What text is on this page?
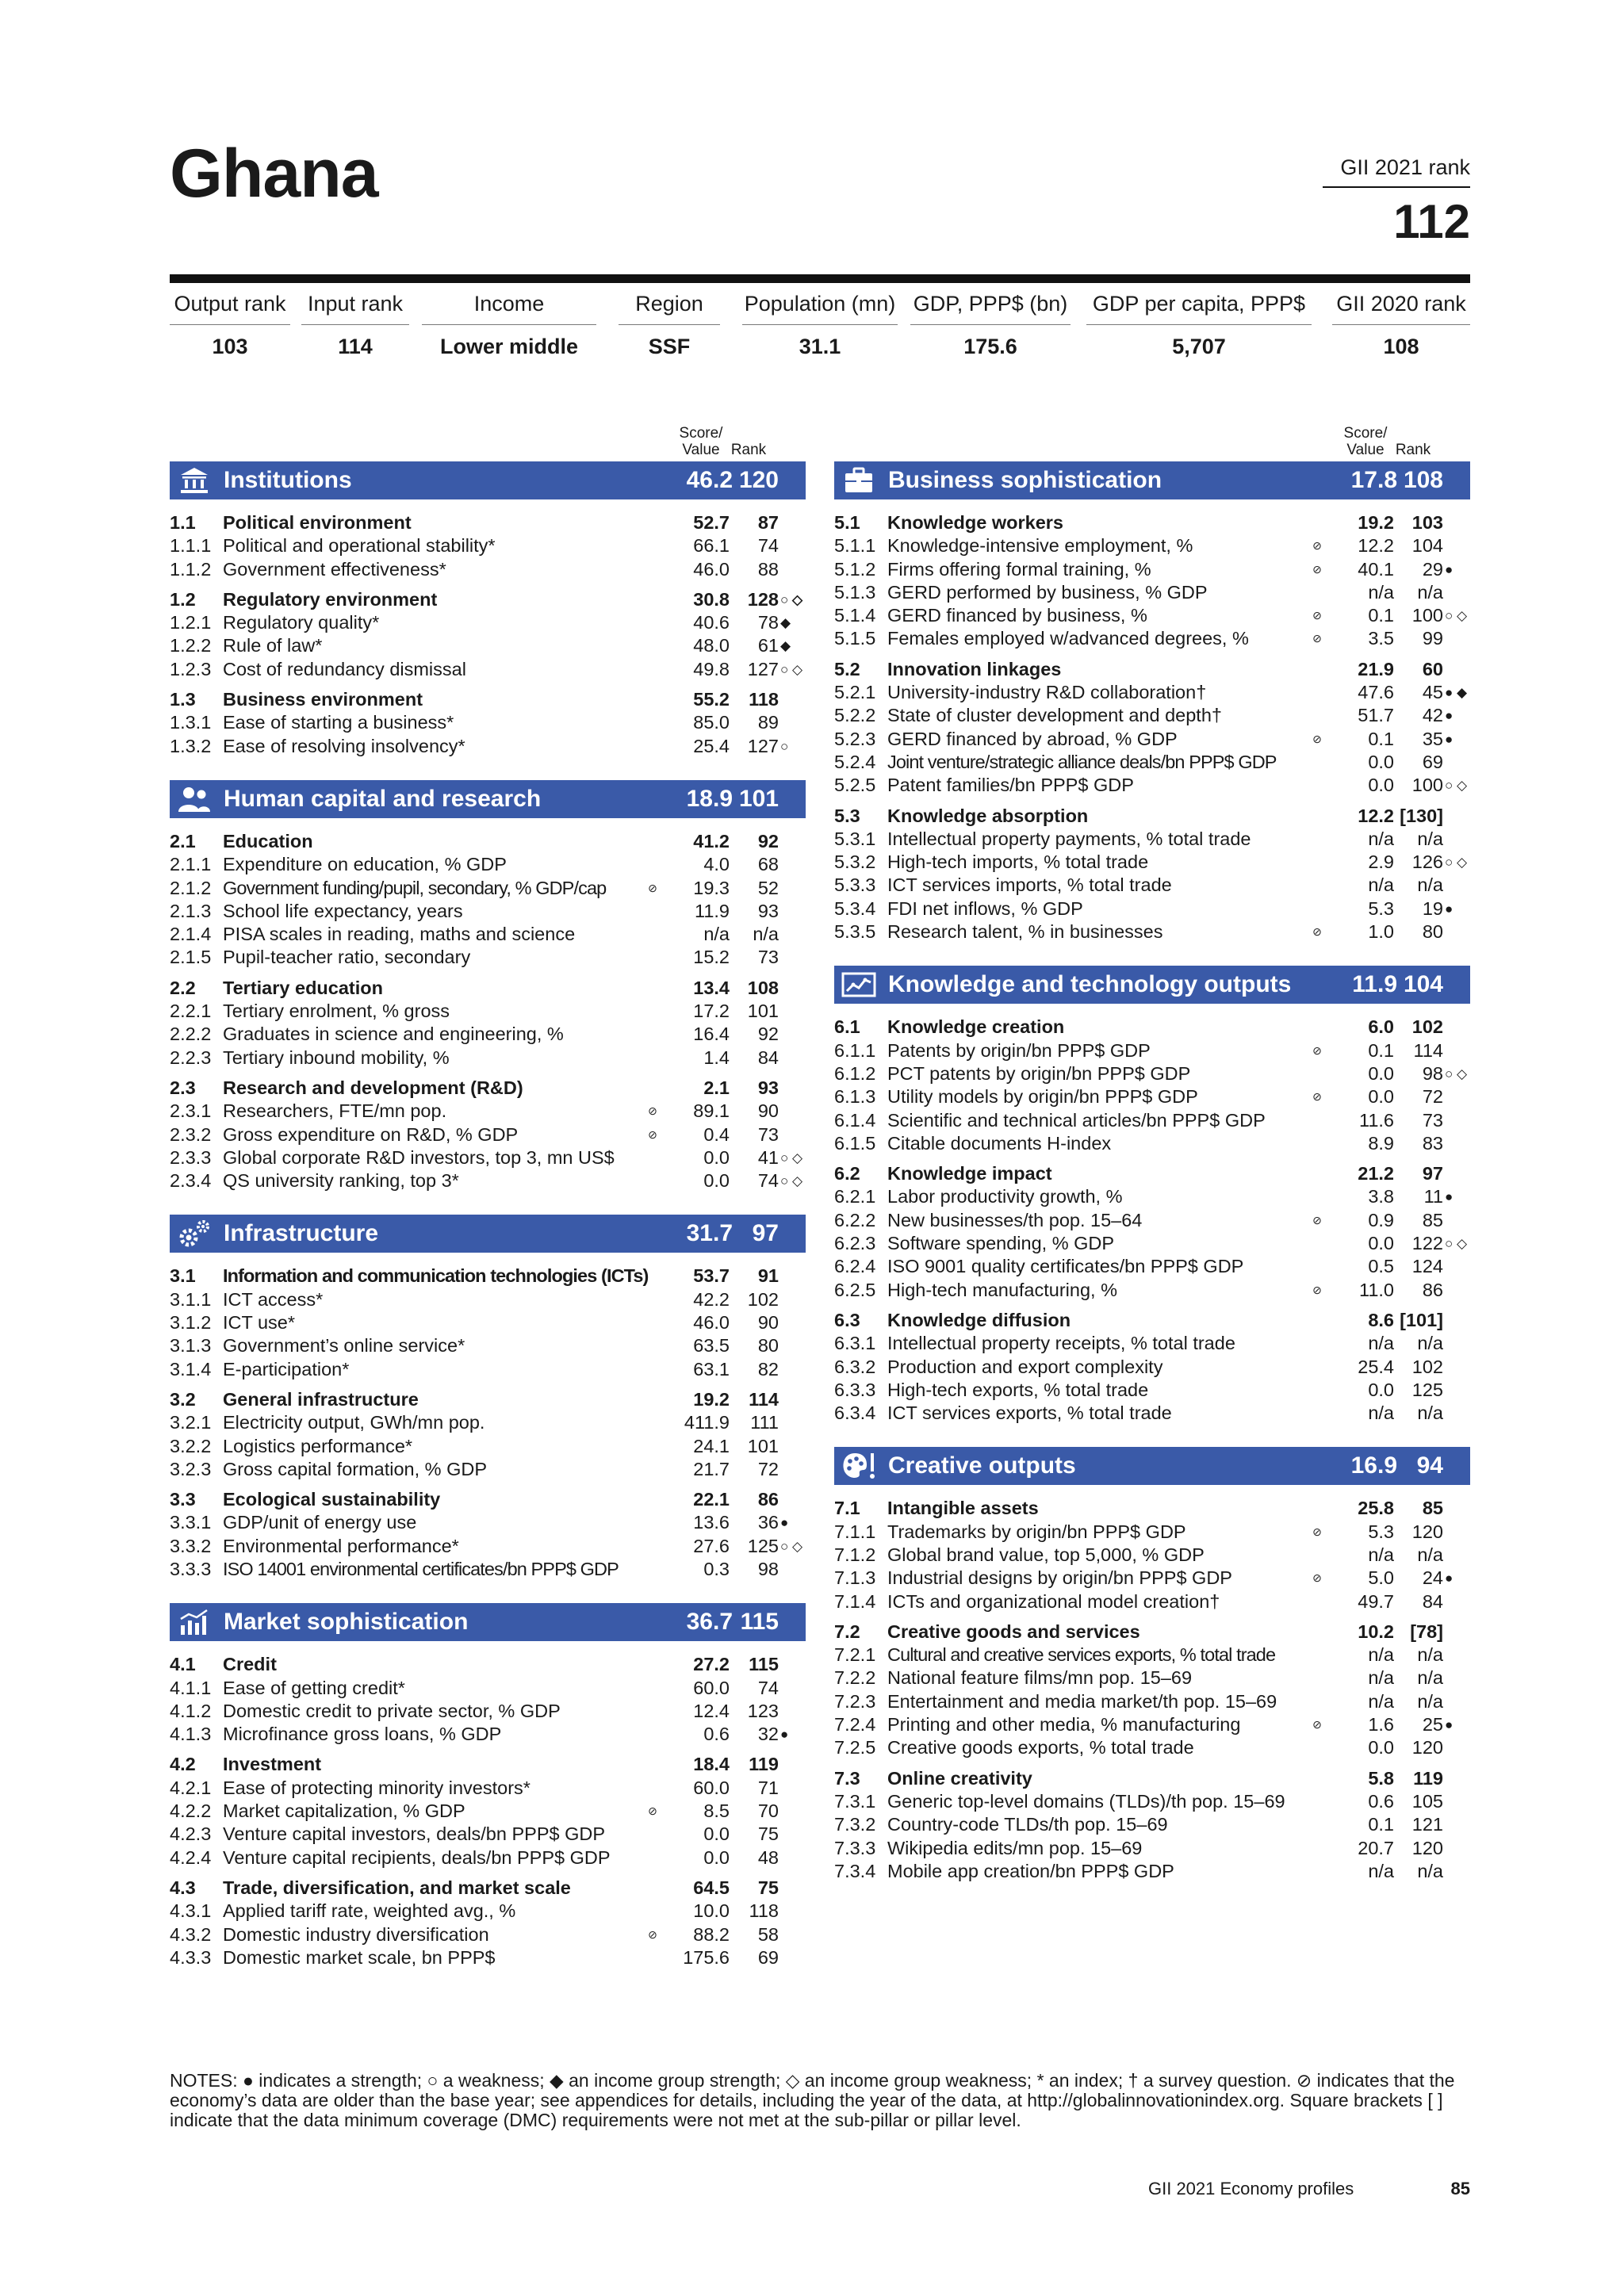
Ghana	GII 2021 rank
112
Output rank
103
Input rank
114
Income
Lower middle
Region
SSF
Population (mn)
31.1
GDP, PPP$ (bn)
175.6
GDP per capita, PPP$
5,707
GII 2020 rank
108
Score/
Value Rank
Institutions	46.2 120
1.1 Political environment	52.7	87
1.1.1 Political and operational stability*	66.1	74
1.1.2 Government effectiveness*	46.0	88
1.2 Regulatory environment	30.8 128 ○ ◇
1.2.1 Regulatory quality*	40.6	78 ◆
1.2.2 Rule of law*	48.0	61 ◆
1.2.3 Cost of redundancy dismissal	49.8 127 ○ ◇
1.3 Business environment	55.2	118
1.3.1 Ease of starting a business*	85.0	89
1.3.2 Ease of resolving insolvency*	25.4 127 ○
Human capital and research	18.9 101
2.1 Education	41.2	92
2.1.1 Expenditure on education, % GDP	4.0	68
2.1.2 Government funding/pupil, secondary, % GDP/cap	⊘	19.3	52
2.1.3 School life expectancy, years	11.9	93
2.1.4 PISA scales in reading, maths and science	n/a	n/a
2.1.5 Pupil-teacher ratio, secondary	15.2	73
2.2 Tertiary education	13.4 108
2.2.1 Tertiary enrolment, % gross	17.2 101
2.2.2 Graduates in science and engineering, %	16.4	92
2.2.3 Tertiary inbound mobility, %	1.4	84
2.3 Research and development (R&D)	2.1	93
2.3.1 Researchers, FTE/mn pop.	⊘	89.1	90
2.3.2 Gross expenditure on R&D, % GDP	⊘	0.4	73
2.3.3 Global corporate R&D investors, top 3, mn US$	0.0	41 ○ ◇
2.3.4 QS university ranking, top 3*	0.0	74 ○ ◇
Infrastructure	31.7 97
3.1 Information and communication technologies (ICTs)	53.7	91
3.1.1 ICT access*	42.2 102
3.1.2 ICT use*	46.0	90
3.1.3 Government’s online service*	63.5	80
3.1.4 E-participation*	63.1	82
3.2 General infrastructure	19.2	114
3.2.1 Electricity output, GWh/mn pop.	411.9	111
3.2.2 Logistics performance*	24.1 101
3.2.3 Gross capital formation, % GDP	21.7	72
3.3 Ecological sustainability	22.1	86
3.3.1 GDP/unit of energy use	13.6	36 ●
3.3.2 Environmental performance*	27.6 125 ○ ◇
3.3.3 ISO 14001 environmental certificates/bn PPP$ GDP	0.3	98
Market sophistication	36.7 115
4.1 Credit	27.2	115
4.1.1 Ease of getting credit*	60.0	74
4.1.2 Domestic credit to private sector, % GDP	12.4 123
4.1.3 Microfinance gross loans, % GDP	0.6	32 ●
4.2 Investment	18.4	119
4.2.1 Ease of protecting minority investors*	60.0	71
4.2.2 Market capitalization, % GDP	⊘	8.5	70
4.2.3 Venture capital investors, deals/bn PPP$ GDP	0.0	75
4.2.4 Venture capital recipients, deals/bn PPP$ GDP	0.0	48
4.3 Trade, diversification, and market scale	64.5	75
4.3.1 Applied tariff rate, weighted avg., %	10.0	118
4.3.2 Domestic industry diversification	⊘	88.2	58
4.3.3 Domestic market scale, bn PPP$	175.6	69
Score/
Value Rank
Business sophistication	17.8 108
5.1 Knowledge workers	19.2 103
5.1.1 Knowledge-intensive employment, %	⊘	12.2 104
5.1.2 Firms offering formal training, %	⊘	40.1	29 ●
5.1.3 GERD performed by business, % GDP	n/a	n/a
5.1.4 GERD financed by business, %	⊘	0.1 100 ○ ◇
5.1.5 Females employed w/advanced degrees, %	⊘	3.5	99
5.2 Innovation linkages	21.9	60
5.2.1 University-industry R&D collaboration†	47.6	45 ● ◆
5.2.2 State of cluster development and depth†	51.7	42 ●
5.2.3 GERD financed by abroad, % GDP	⊘	0.1	35 ●
5.2.4 Joint venture/strategic alliance deals/bn PPP$ GDP	0.0	69
5.2.5 Patent families/bn PPP$ GDP	0.0 100 ○ ◇
5.3 Knowledge absorption	12.2 [130]
5.3.1 Intellectual property payments, % total trade	n/a	n/a
5.3.2 High-tech imports, % total trade	2.9 126 ○ ◇
5.3.3 ICT services imports, % total trade	n/a	n/a
5.3.4 FDI net inflows, % GDP	5.3	19 ●
5.3.5 Research talent, % in businesses	⊘	1.0	80
Knowledge and technology outputs	11.9 104
6.1 Knowledge creation	6.0 102
6.1.1 Patents by origin/bn PPP$ GDP	⊘	0.1	114
6.1.2 PCT patents by origin/bn PPP$ GDP	0.0	98 ○ ◇
6.1.3 Utility models by origin/bn PPP$ GDP	⊘	0.0	72
6.1.4 Scientific and technical articles/bn PPP$ GDP	11.6	73
6.1.5 Citable documents H-index	8.9	83
6.2 Knowledge impact	21.2	97
6.2.1 Labor productivity growth, %	3.8	11 ●
6.2.2 New businesses/th pop. 15–64	⊘	0.9	85
6.2.3 Software spending, % GDP	0.0 122 ○ ◇
6.2.4 ISO 9001 quality certificates/bn PPP$ GDP	0.5 124
6.2.5 High-tech manufacturing, %	⊘	11.0	86
6.3 Knowledge diffusion	8.6 [101]
6.3.1 Intellectual property receipts, % total trade	n/a	n/a
6.3.2 Production and export complexity	25.4 102
6.3.3 High-tech exports, % total trade	0.0 125
6.3.4 ICT services exports, % total trade	n/a	n/a
Creative outputs	16.9 94
7.1 Intangible assets	25.8	85
7.1.1 Trademarks by origin/bn PPP$ GDP	⊘	5.3 120
7.1.2 Global brand value, top 5,000, % GDP	n/a	n/a
7.1.3 Industrial designs by origin/bn PPP$ GDP	⊘	5.0	24 ●
7.1.4 ICTs and organizational model creation†	49.7	84
7.2 Creative goods and services	10.2 [78]
7.2.1 Cultural and creative services exports, % total trade	n/a	n/a
7.2.2 National feature films/mn pop. 15–69	n/a	n/a
7.2.3 Entertainment and media market/th pop. 15–69	n/a	n/a
7.2.4 Printing and other media, % manufacturing	⊘	1.6	25 ●
7.2.5 Creative goods exports, % total trade	0.0 120
7.3 Online creativity	5.8	119
7.3.1 Generic top-level domains (TLDs)/th pop. 15–69	0.6 105
7.3.2 Country-code TLDs/th pop. 15–69	0.1 121
7.3.3 Wikipedia edits/mn pop. 15–69	20.7 120
7.3.4 Mobile app creation/bn PPP$ GDP	n/a	n/a
NOTES: ● indicates a strength; ○ a weakness; ◆ an income group strength; ◇ an income group weakness; * an index; † a survey question. ⊘ indicates that the economy’s data are older than the base year; see appendices for details, including the year of the data, at http://globalinnovationindex.org. Square brackets [ ] indicate that the data minimum coverage (DMC) requirements were not met at the sub-pillar or pillar level.
GII 2021 Economy profiles	85
